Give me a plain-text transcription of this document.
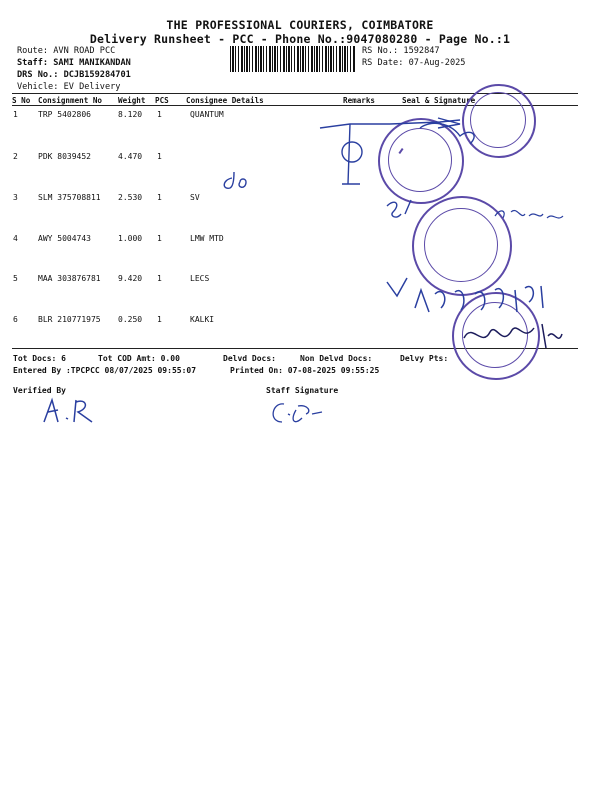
THE PROFESSIONAL COURIERS, COIMBATORE
Delivery Runsheet - PCC - Phone No.:9047080280 - Page No.:1
Route: AVN ROAD PCC
Staff: SAMI MANIKANDAN
DRS No.: DCJB159284701
Vehicle: EV Delivery
RS No.: 1592847
RS Date: 07-Aug-2025
S No Consignment No Weight PCS Consignee Details	Remarks	Seal & Signature
1	TRP 5402806	8.120 1	QUANTUM
2	PDK 8039452	4.470 1
3	SLM 375708811 2.530 1	SV
4	AWY 5004743	1.000 1	LMW MTD
5	MAA 303876781 9.420 1	LECS
6	BLR 210771975 0.250 1	KALKI
Tot Docs: 6	Tot COD Amt: 0.00	Delvd Docs:	Non Delvd Docs:	Delvy Pts:
Entered By :TPCPCC 08/07/2025 09:55:07	Printed On: 07-08-2025 09:55:25
Verified By	Staff Signature
